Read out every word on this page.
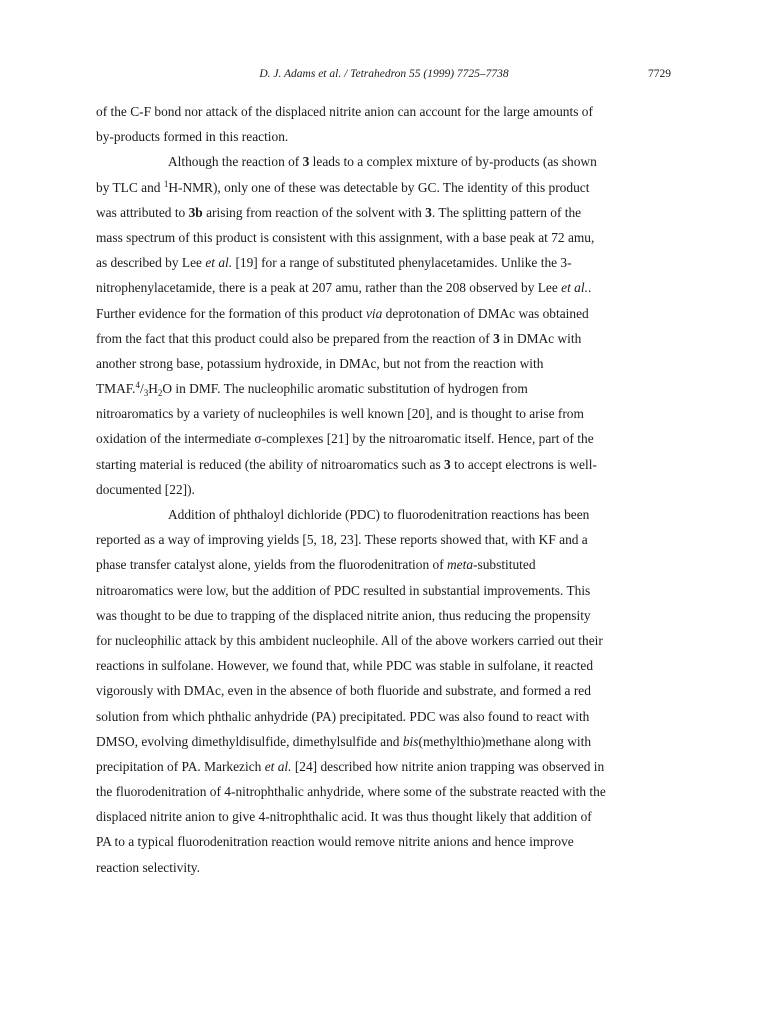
D. J. Adams et al. / Tetrahedron 55 (1999) 7725–7738	7729
of the C-F bond nor attack of the displaced nitrite anion can account for the large amounts of
by-products formed in this reaction.
Although the reaction of 3 leads to a complex mixture of by-products (as shown
by TLC and $^1$H-NMR), only one of these was detectable by GC. The identity of this product
was attributed to 3b arising from reaction of the solvent with 3. The splitting pattern of the
mass spectrum of this product is consistent with this assignment, with a base peak at 72 amu,
as described by Lee et al. [19] for a range of substituted phenylacetamides. Unlike the 3-
nitrophenylacetamide, there is a peak at 207 amu, rather than the 208 observed by Lee et al..
Further evidence for the formation of this product via deprotonation of DMAc was obtained
from the fact that this product could also be prepared from the reaction of 3 in DMAc with
another strong base, potassium hydroxide, in DMAc, but not from the reaction with
$TMAF.^4/_3H_2O$ in DMF. The nucleophilic aromatic substitution of hydrogen from
nitroaromatics by a variety of nucleophiles is well known [20], and is thought to arise from
oxidation of the intermediate σ-complexes [21] by the nitroaromatic itself. Hence, part of the
starting material is reduced (the ability of nitroaromatics such as 3 to accept electrons is well-
documented [22]).
Addition of phthaloyl dichloride (PDC) to fluorodenitration reactions has been
reported as a way of improving yields [5, 18, 23]. These reports showed that, with KF and a
phase transfer catalyst alone, yields from the fluorodenitration of meta-substituted
nitroaromatics were low, but the addition of PDC resulted in substantial improvements. This
was thought to be due to trapping of the displaced nitrite anion, thus reducing the propensity
for nucleophilic attack by this ambident nucleophile. All of the above workers carried out their
reactions in sulfolane. However, we found that, while PDC was stable in sulfolane, it reacted
vigorously with DMAc, even in the absence of both fluoride and substrate, and formed a red
solution from which phthalic anhydride (PA) precipitated. PDC was also found to react with
DMSO, evolving dimethyldisulfide, dimethylsulfide and bis(methylthio)methane along with
precipitation of PA. Markezich et al. [24] described how nitrite anion trapping was observed in
the fluorodenitration of 4-nitrophthalic anhydride, where some of the substrate reacted with the
displaced nitrite anion to give 4-nitrophthalic acid. It was thus thought likely that addition of
PA to a typical fluorodenitration reaction would remove nitrite anions and hence improve
reaction selectivity.
